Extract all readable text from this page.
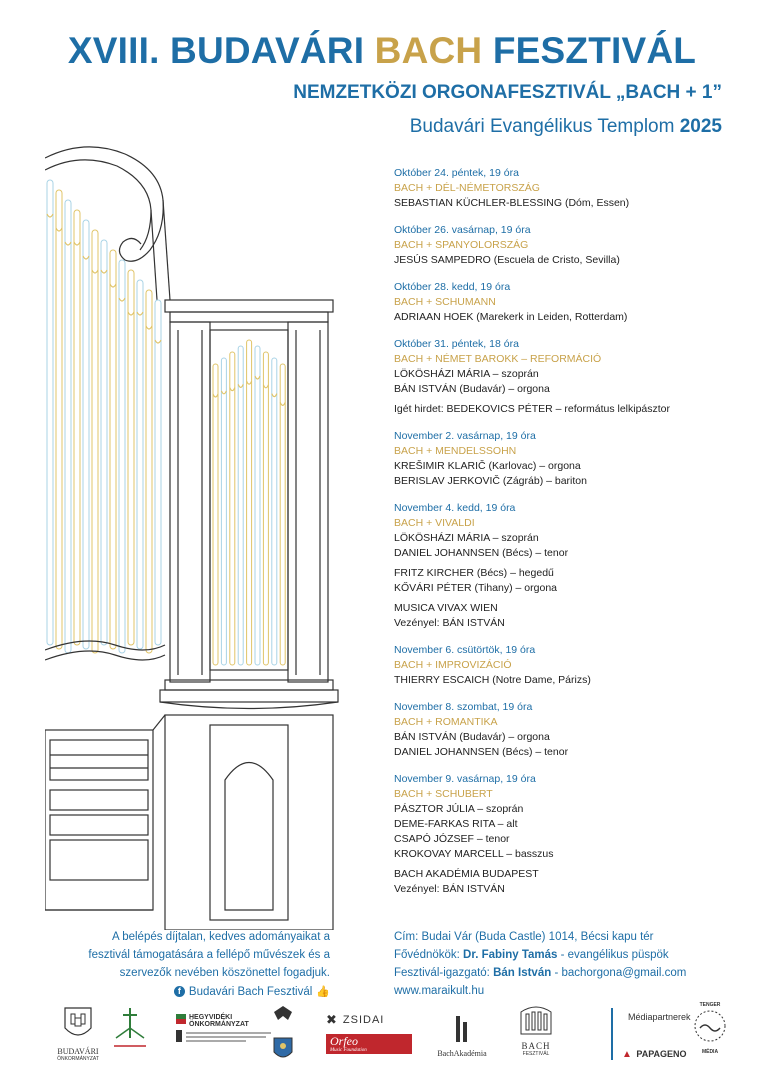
XVIII. BUDAVÁRI BACH FESZTIVÁL
NEMZETKÖZI ORGONAFESZTIVÁL „BACH + 1”
Budavári Evangélikus Templom 2025
Október 24. péntek, 19 óra
BACH + DÉL-NÉMETORSZÁG
SEBASTIAN KÜCHLER-BLESSING (Dóm, Essen)
Október 26. vasárnap, 19 óra
BACH + SPANYOLORSZÁG
JESÚS SAMPEDRO (Escuela de Cristo, Sevilla)
Október 28. kedd, 19 óra
BACH + SCHUMANN
ADRIAAN HOEK (Marekerk in Leiden, Rotterdam)
Október 31. péntek, 18 óra
BACH + NÉMET BAROKK – REFORMÁCIÓ
LÖKÖSHÁZI MÁRIA – szoprán
BÁN ISTVÁN (Budavár) – orgona
Igét hirdet: BEDEKOVICS PÉTER – református lelkipásztor
November 2. vasárnap, 19 óra
BACH + MENDELSSOHN
KREŠIMIR KLARIČ (Karlovac) – orgona
BERISLAV JERKOVIČ (Zágráb) – bariton
November 4. kedd, 19 óra
BACH + VIVALDI
LÖKÖSHÁZI MÁRIA – szoprán
DANIEL JOHANNSEN (Bécs) – tenor
FRITZ KIRCHER (Bécs) – hegedű
KŐVÁRI PÉTER (Tihany) – orgona
MUSICA VIVAX WIEN
Vezényel: BÁN ISTVÁN
November 6. csütörtök, 19 óra
BACH + IMPROVIZÁCIÓ
THIERRY ESCAICH (Notre Dame, Párizs)
November 8. szombat, 19 óra
BACH + ROMANTIKA
BÁN ISTVÁN (Budavár) – orgona
DANIEL JOHANNSEN (Bécs) – tenor
November 9. vasárnap, 19 óra
BACH + SCHUBERT
PÁSZTOR JÚLIA – szoprán
DEME-FARKAS RITA – alt
CSAPÓ JÓZSEF – tenor
KROKOVAY MARCELL – basszus
BACH AKADÉMIA BUDAPEST
Vezényel: BÁN ISTVÁN
A belépés díjtalan, kedves adományaikat a
fesztivál támogatására a fellépő művészek és a
szervezők nevében köszönettel fogadjuk.
f Budavári Bach Fesztivál 👍
Cím: Budai Vár (Buda Castle) 1014, Bécsi kapu tér
Fővédnökök: Dr. Fabiny Tamás - evangélikus püspök
Fesztivál-igazgató: Bán István - bachorgona@gmail.com
www.maraikult.hu
BUDAVÁRI
ÖNKORMÁNYZAT
HEGYVIDÉKI
ÖNKORMÁNYZAT	✖ ZSIDAI
Orfeo
Music Foundation	BachAkadémia
BACH
FESZTIVÁL
Médiapartnerek
▲ PAPAGENO
TENGER
MÉDIA
